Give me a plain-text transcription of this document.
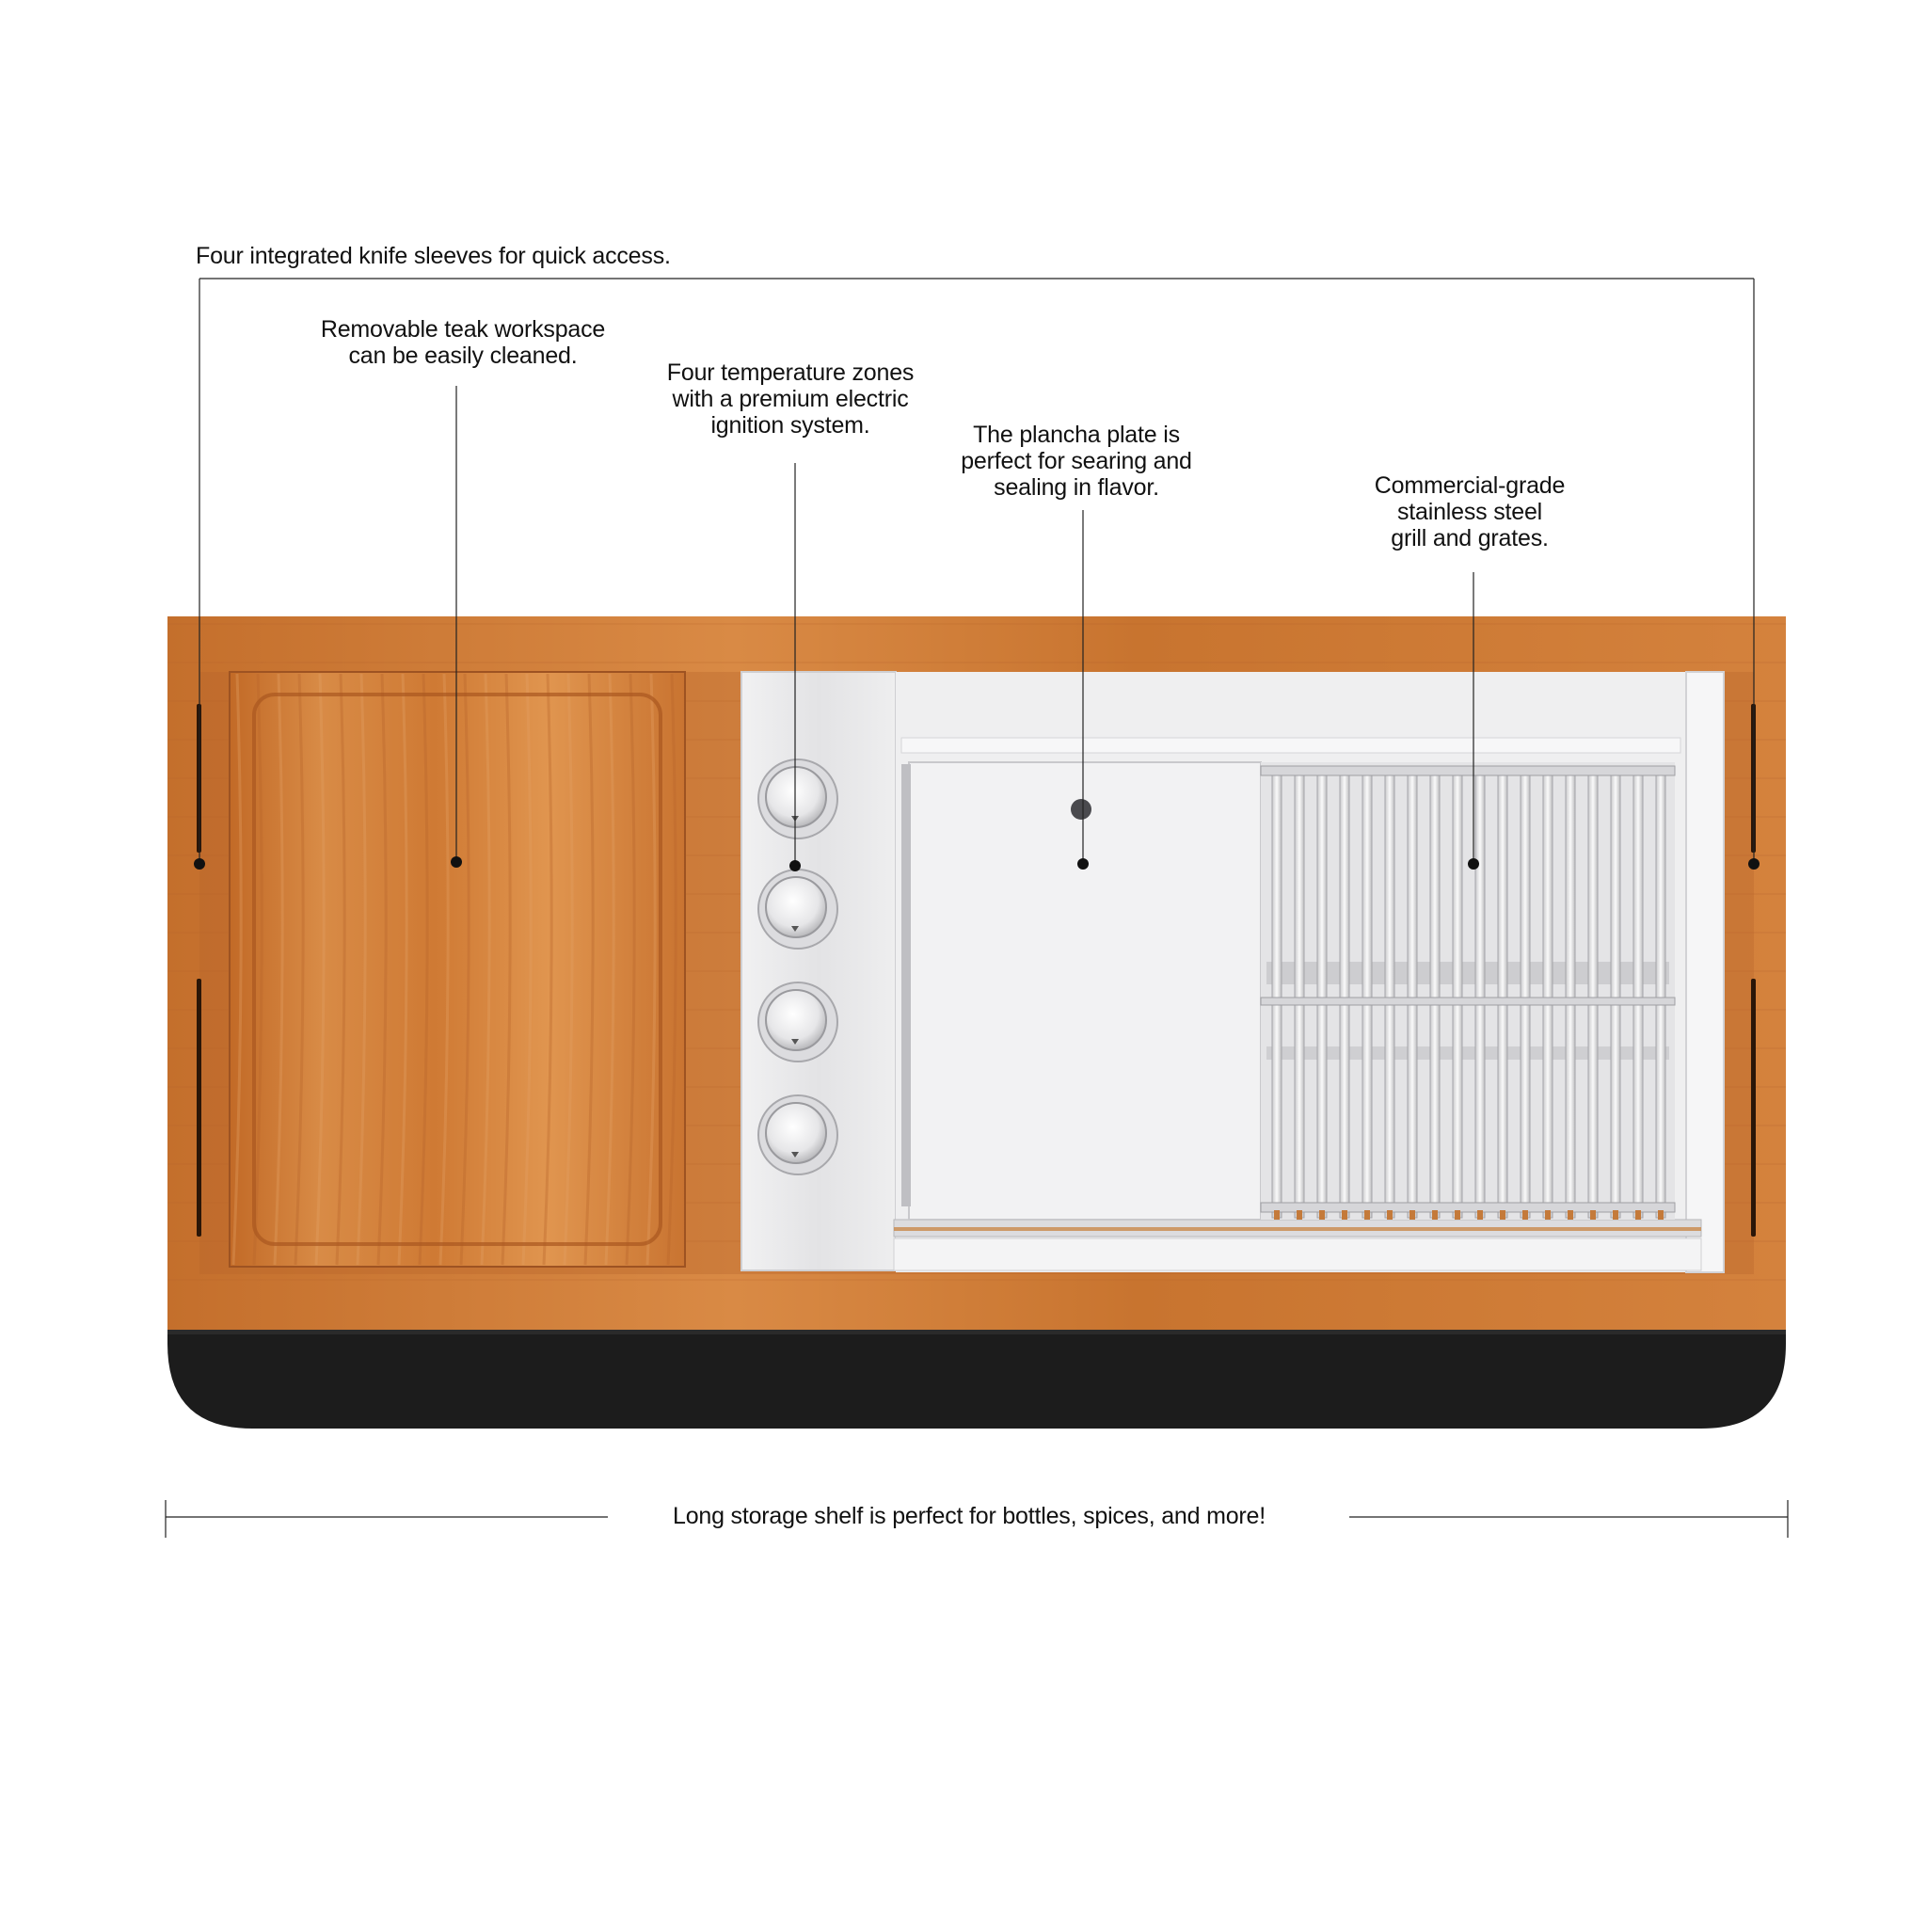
Four integrated knife sleeves for quick access.
Removable teak workspace
can be easily cleaned.
Four temperature zones
with a premium electric
ignition system.	The plancha plate is
perfect for searing and
sealing in flavor.	Commercial-grade
stainless steel
grill and grates.
Long storage shelf is perfect for bottles, spices, and more!
